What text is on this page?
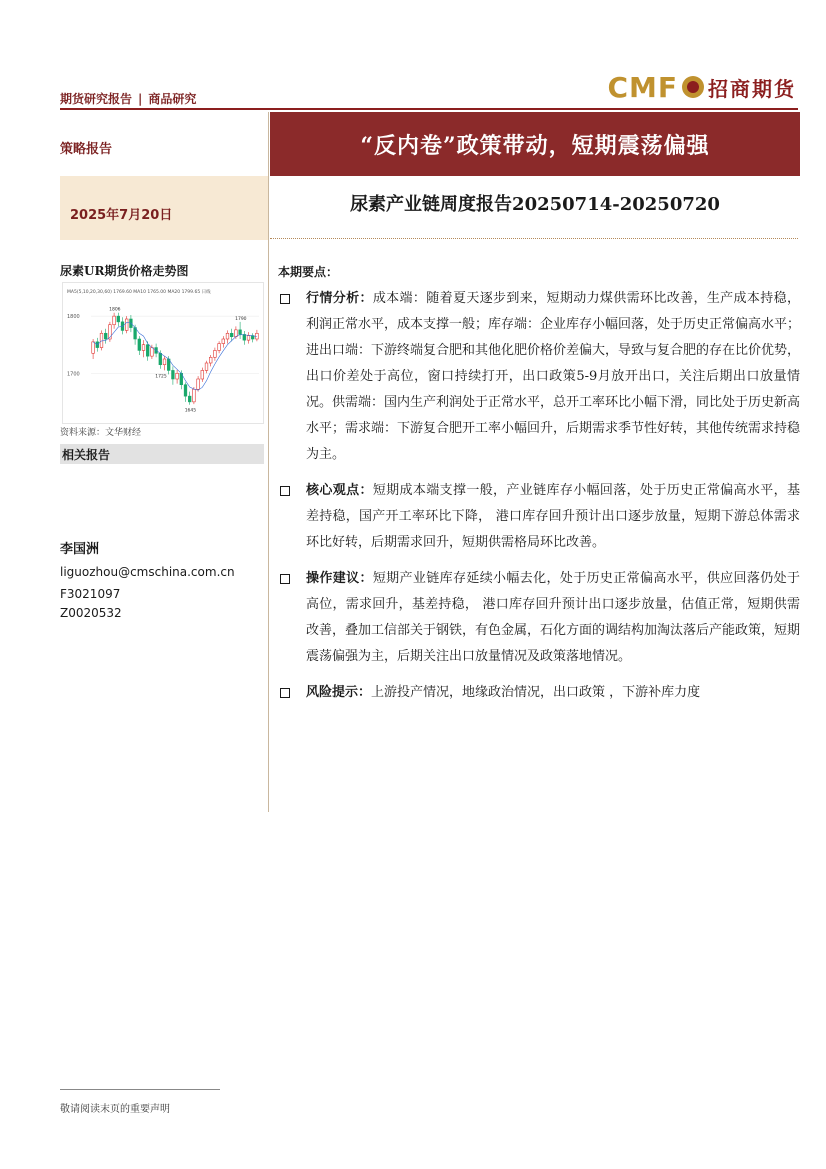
期货研究报告 | 商品研究	CMF 招商期货
策略报告
2025年7月20日
“反内卷”政策带动，短期震荡偏强
尿素产业链周度报告20250714-20250720
尿素UR期货价格走势图
MA5(5,10,20,30,60) 1769.60 MA10 1765.00 MA20 1799.65 日线
1800
1700
1806
1725
1645
1790
资料来源：文华财经
相关报告
李国洲
liguozhou@cmschina.com.cn
F3021097
Z0020532
本期要点：
行情分析：成本端：随着夏天逐步到来，短期动力煤供需环比改善，生产成本持稳，利润正常水平，成本支撑一般；库存端：企业库存小幅回落，处于历史正常偏高水平；进出口端：下游终端复合肥和其他化肥价格价差偏大，导致与复合肥的存在比价优势，出口价差处于高位，窗口持续打开，出口政策5-9月放开出口，关注后期出口放量情况。供需端：国内生产利润处于正常水平，总开工率环比小幅下滑，同比处于历史新高水平；需求端：下游复合肥开工率小幅回升，后期需求季节性好转，其他传统需求持稳为主。
核心观点：短期成本端支撑一般，产业链库存小幅回落，处于历史正常偏高水平，基差持稳，国产开工率环比下降， 港口库存回升预计出口逐步放量，短期下游总体需求环比好转，后期需求回升，短期供需格局环比改善。
操作建议：短期产业链库存延续小幅去化，处于历史正常偏高水平，供应回落仍处于高位，需求回升，基差持稳， 港口库存回升预计出口逐步放量，估值正常，短期供需改善，叠加工信部关于钢铁，有色金属，石化方面的调结构加淘汰落后产能政策，短期震荡偏强为主，后期关注出口放量情况及政策落地情况。
风险提示：上游投产情况，地缘政治情况，出口政策 ，下游补库力度
敬请阅读末页的重要声明
